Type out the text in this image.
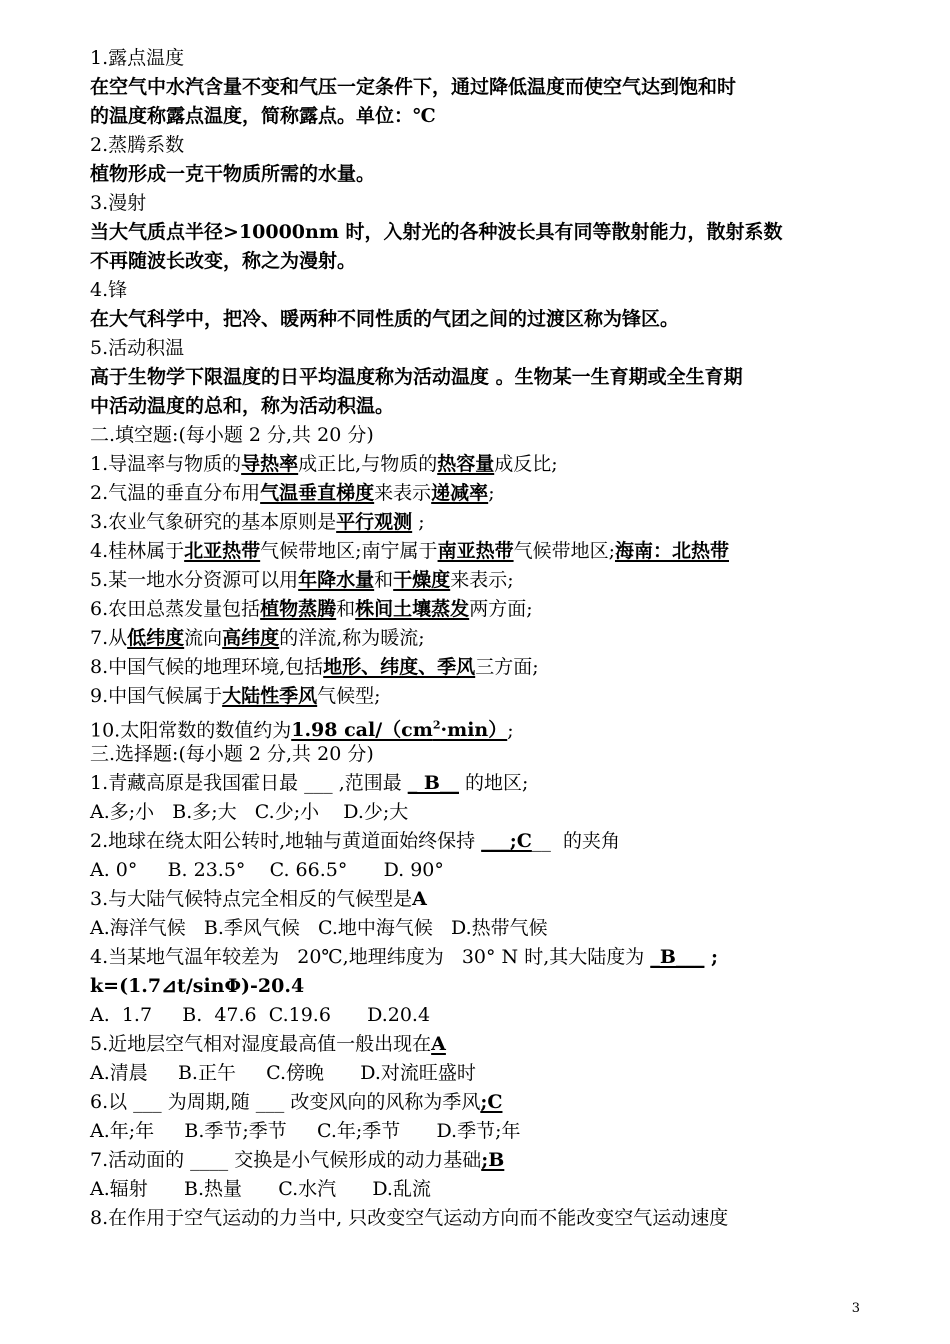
1.露点温度
在空气中水汽含量不变和气压一定条件下，通过降低温度而使空气达到饱和时
的温度称露点温度，简称露点。单位：℃
2.蒸腾系数
植物形成一克干物质所需的水量。
3.漫射
当大气质点半径>10000nm 时，入射光的各种波长具有同等散射能力，散射系数
不再随波长改变，称之为漫射。
4.锋
在大气科学中，把冷、暖两种不同性质的气团之间的过渡区称为锋区。
5.活动积温
高于生物学下限温度的日平均温度称为活动温度 。生物某一生育期或全生育期
中活动温度的总和，称为活动积温。
二.填空题:(每小题 2 分,共 20 分)
1.导温率与物质的导热率成正比,与物质的热容量成反比;
2.气温的垂直分布用气温垂直梯度来表示递减率;
3.农业气象研究的基本原则是平行观测 ;
4.桂林属于北亚热带气候带地区;南宁属于南亚热带气候带地区;海南：北热带
5.某一地水分资源可以用年降水量和干燥度来表示;
6.农田总蒸发量包括植物蒸腾和株间土壤蒸发两方面;
7.从低纬度流向高纬度的洋流,称为暖流;
8.中国气候的地理环境,包括地形、纬度、季风三方面;
9.中国气候属于大陆性季风气候型;
10.太阳常数的数值约为1.98 cal/$(cm^2\cdot\min)$;
三.选择题:(每小题 2 分,共 20 分)
1.青藏高原是我国霍日最 ___ ,范围最 _ B__ 的地区;
A.多;小   B.多;大   C.少;小    D.少;大
2.地球在绕太阳公转时,地轴与黄道面始终保持 ___;C__  的夹角
A. 0°     B. 23.5°    C. 66.5°      D. 90°
3.与大陆气候特点完全相反的气候型是A
A.海洋气候   B.季风气候   C.地中海气候   D.热带气候
4.当某地气温年较差为   20℃,地理纬度为   30° N 时,其大陆度为 _B___ ;
k=(1.7⊿t/sinΦ)-20.4
A.  1.7     B.  47.6  C.19.6      D.20.4
5.近地层空气相对湿度最高值一般出现在A
A.清晨     B.正午     C.傍晚      D.对流旺盛时
6.以 ___ 为周期,随 ___ 改变风向的风称为季风;C
A.年;年     B.季节;季节     C.年;季节      D.季节;年
7.活动面的 ____ 交换是小气候形成的动力基础;B
A.辐射      B.热量      C.水汽      D.乱流
8.在作用于空气运动的力当中, 只改变空气运动方向而不能改变空气运动速度
3
